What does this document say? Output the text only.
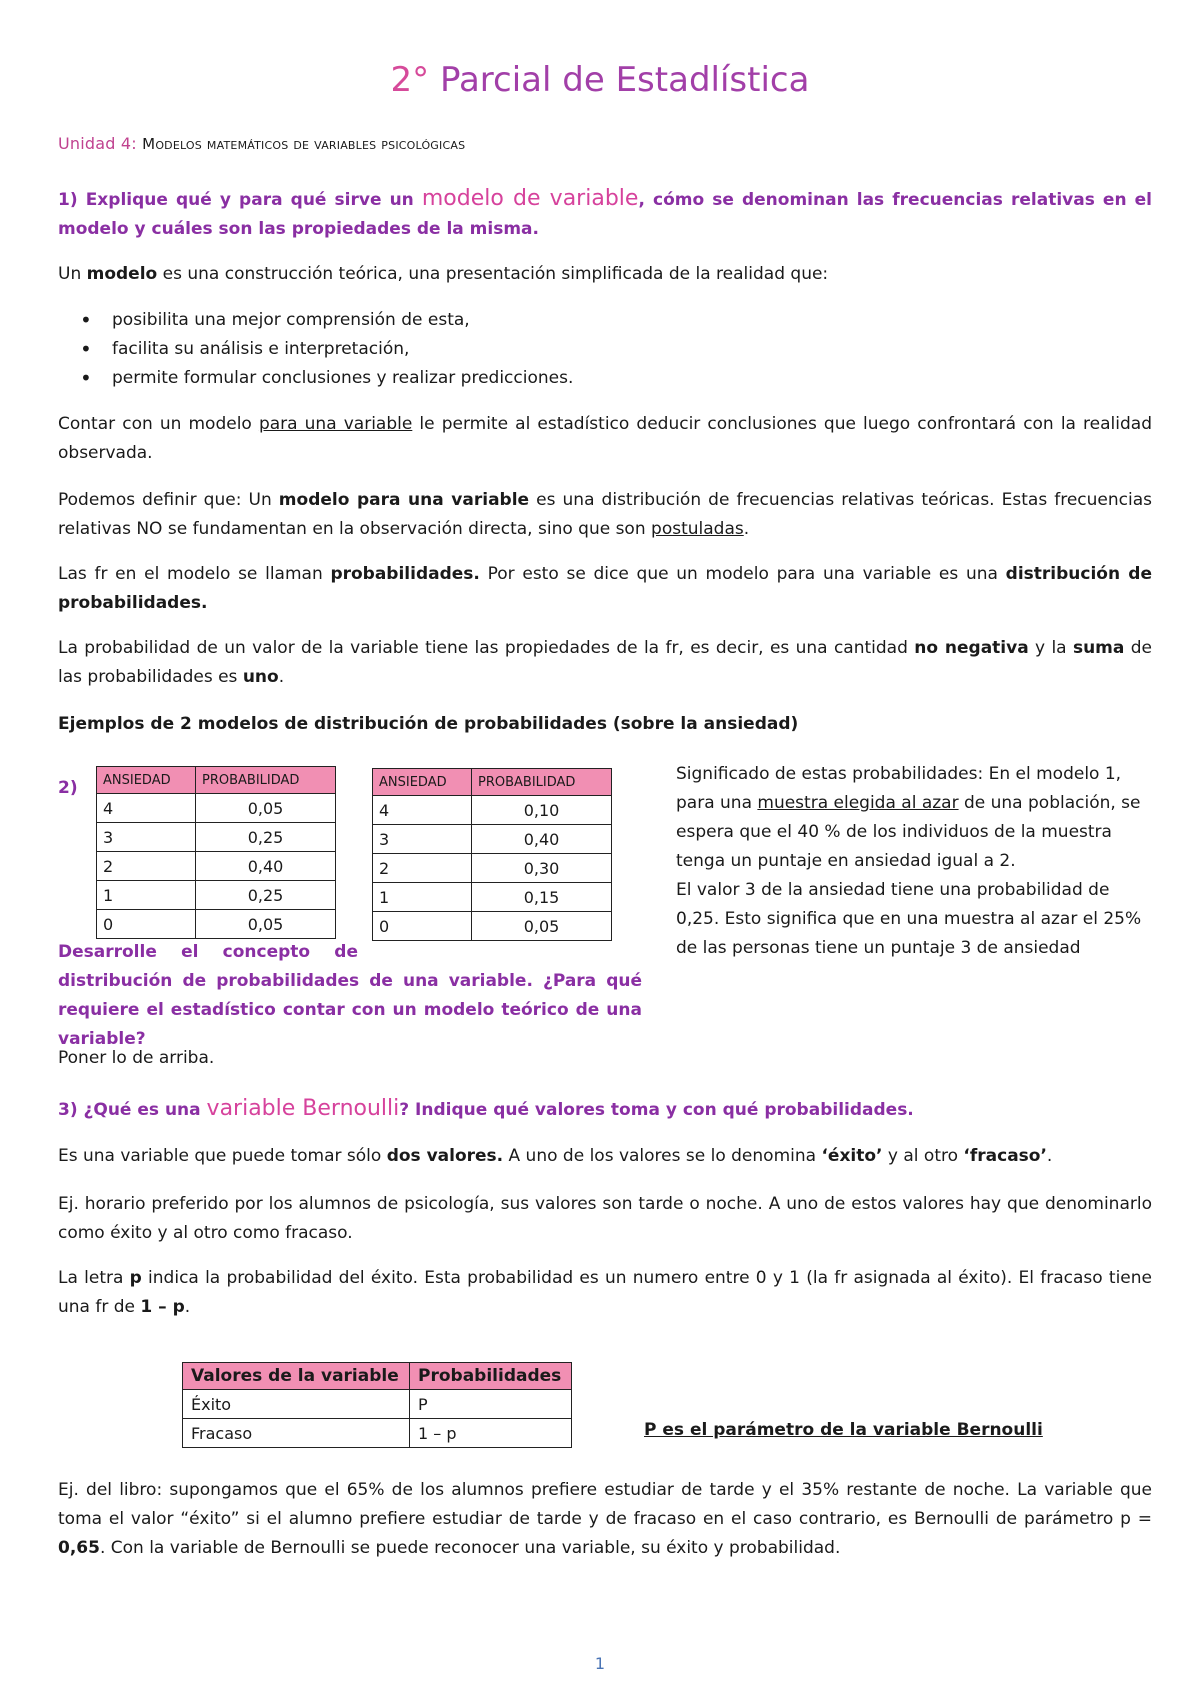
2° Parcial de Estadlística
Unidad 4: Modelos matemáticos de variables psicológicas
1) Explique qué y para qué sirve un modelo de variable, cómo se denominan las frecuencias relativas en el modelo y cuáles son las propiedades de la misma.
Un modelo es una construcción teórica, una presentación simplificada de la realidad que:
• posibilita una mejor comprensión de esta,
• facilita su análisis e interpretación,
• permite formular conclusiones y realizar predicciones.
Contar con un modelo para una variable le permite al estadístico deducir conclusiones que luego confrontará con la realidad observada.
Podemos definir que: Un modelo para una variable es una distribución de frecuencias relativas teóricas. Estas frecuencias relativas NO se fundamentan en la observación directa, sino que son postuladas.
Las fr en el modelo se llaman probabilidades. Por esto se dice que un modelo para una variable es una distribución de probabilidades.
La probabilidad de un valor de la variable tiene las propiedades de la fr, es decir, es una cantidad no negativa y la suma de las probabilidades es uno.
Ejemplos de 2 modelos de distribución de probabilidades (sobre la ansiedad)
2) ANSIEDAD	PROBABILIDAD
4	0,05
3	0,25
2	0,40
1	0,25
0	0,05
ANSIEDAD	PROBABILIDAD
4	0,10
3	0,40
2	0,30
1	0,15
0	0,05
Significado de estas probabilidades: En el modelo 1, para una muestra elegida al azar de una población, se espera que el 40 % de los individuos de la muestra tenga un puntaje en ansiedad igual a 2.
El valor 3 de la ansiedad tiene una probabilidad de 0,25. Esto significa que en una muestra al azar el 25% de las personas tiene un puntaje 3 de ansiedad
Desarrolle el concepto de
distribución de probabilidades de una variable. ¿Para qué requiere el estadístico contar con un modelo teórico de una variable?
Poner lo de arriba.
3) ¿Qué es una variable Bernoulli? Indique qué valores toma y con qué probabilidades.
Es una variable que puede tomar sólo dos valores. A uno de los valores se lo denomina ‘éxito’ y al otro ‘fracaso’.
Ej. horario preferido por los alumnos de psicología, sus valores son tarde o noche. A uno de estos valores hay que denominarlo como éxito y al otro como fracaso.
La letra p indica la probabilidad del éxito. Esta probabilidad es un numero entre 0 y 1 (la fr asignada al éxito). El fracaso tiene una fr de 1 – p.
Valores de la variable	Probabilidades
Éxito	P
Fracaso	1 – p	P es el parámetro de la variable Bernoulli
Ej. del libro: supongamos que el 65% de los alumnos prefiere estudiar de tarde y el 35% restante de noche. La variable que toma el valor “éxito” si el alumno prefiere estudiar de tarde y de fracaso en el caso contrario, es Bernoulli de parámetro p = 0,65. Con la variable de Bernoulli se puede reconocer una variable, su éxito y probabilidad.
1
